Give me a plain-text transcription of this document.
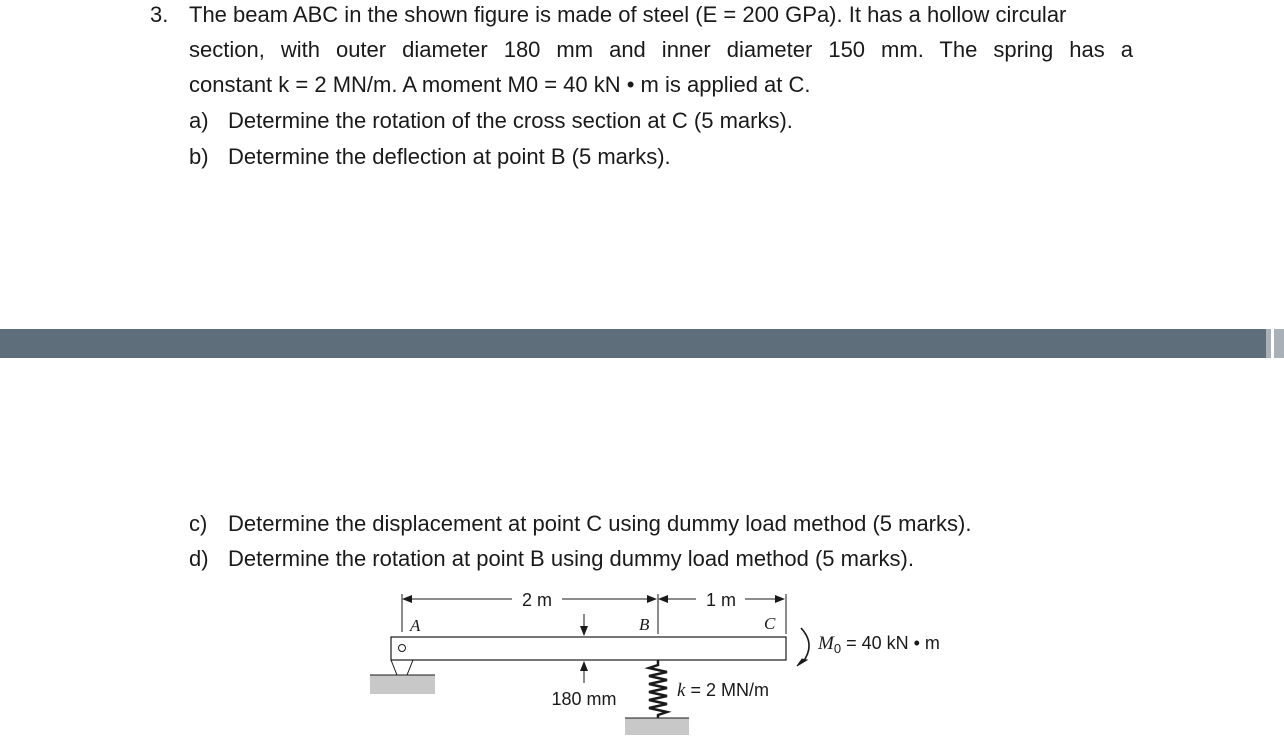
3. The beam ABC in the shown figure is made of steel (E = 200 GPa). It has a hollow circular
section, with outer diameter 180 mm and inner diameter 150 mm. The spring has a
constant k = 2 MN/m. A moment M0 = 40 kN • m is applied at C.
a) Determine the rotation of the cross section at C (5 marks).
b) Determine the deflection at point B (5 marks).
c) Determine the displacement at point C using dummy load method (5 marks).
d) Determine the rotation at point B using dummy load method (5 marks).
2 m	1 m
A	B	C
180 mm	k = 2 MN/m
$M_0 = 40$ kN • m
